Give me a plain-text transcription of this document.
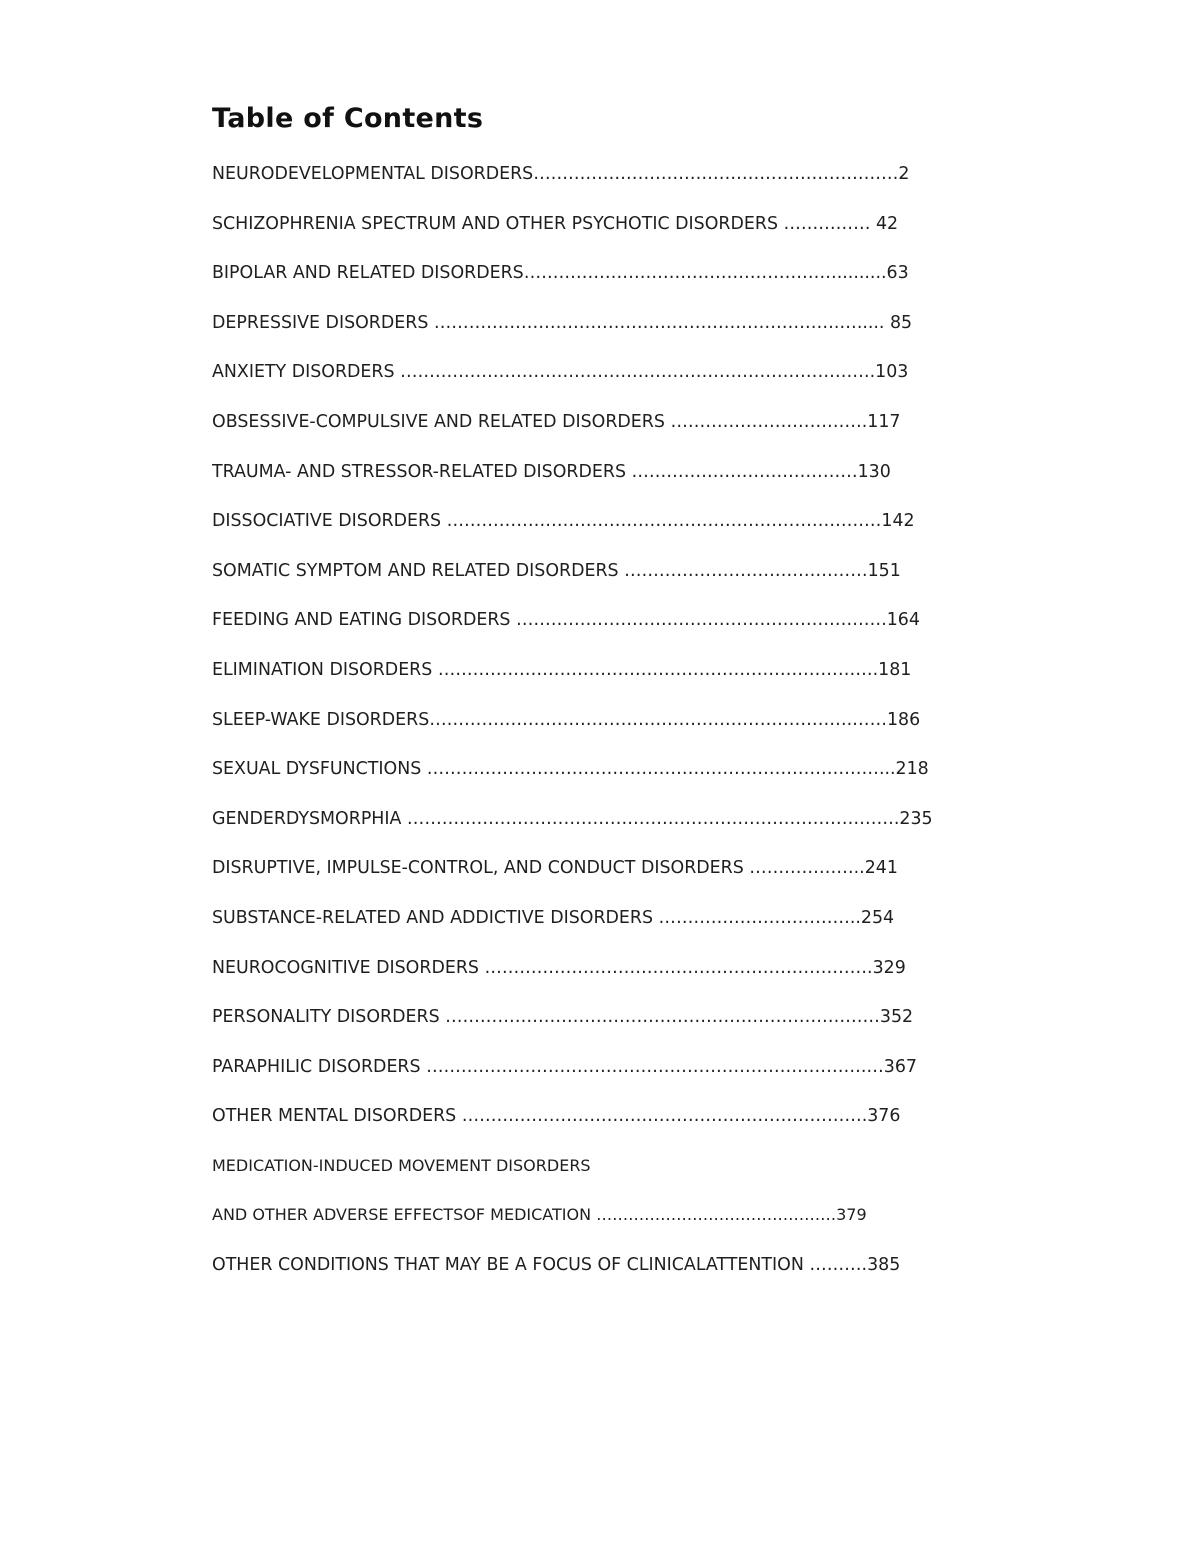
Table of Contents
NEURODEVELOPMENTAL DISORDERS………………………………………………………2
SCHIZOPHRENIA SPECTRUM AND OTHER PSYCHOTIC DISORDERS …………… 42
BIPOLAR AND RELATED DISORDERS……………………………………………….........63
DEPRESSIVE DISORDERS …………………………………………………………….…..... 85
ANXIETY DISORDERS ……………………………………………………………………….103
OBSESSIVE-COMPULSIVE AND RELATED DISORDERS …………………………….117
TRAUMA- AND STRESSOR-RELATED DISORDERS …………………………………130
DISSOCIATIVE DISORDERS …………………………………………………………………142
SOMATIC SYMPTOM AND RELATED DISORDERS ……………………………………151
FEEDING AND EATING DISORDERS ……………………………………………………….164
ELIMINATION DISORDERS ………………………………………………………………….181
SLEEP-WAKE DISORDERS……………………………………………………………….……186
SEXUAL DYSFUNCTIONS ……………………………………………………………………...218
GENDERDYSMORPHIA ………………………………………………………………………….235
DISRUPTIVE, IMPULSE-CONTROL, AND CONDUCT DISORDERS ………………..241
SUBSTANCE-RELATED AND ADDICTIVE DISORDERS ……………………………..254
NEUROCOGNITIVE DISORDERS ………………………………………………………….329
PERSONALITY DISORDERS …………………………………………………………………352
PARAPHILIC DISORDERS ………………………………………………………………….…367
OTHER MENTAL DISORDERS …………………………………………………………….376
MEDICATION-INDUCED MOVEMENT DISORDERS
AND OTHER ADVERSE EFFECTSOF MEDICATION ………………………………………379
OTHER CONDITIONS THAT MAY BE A FOCUS OF CLINICALATTENTION ……….385
